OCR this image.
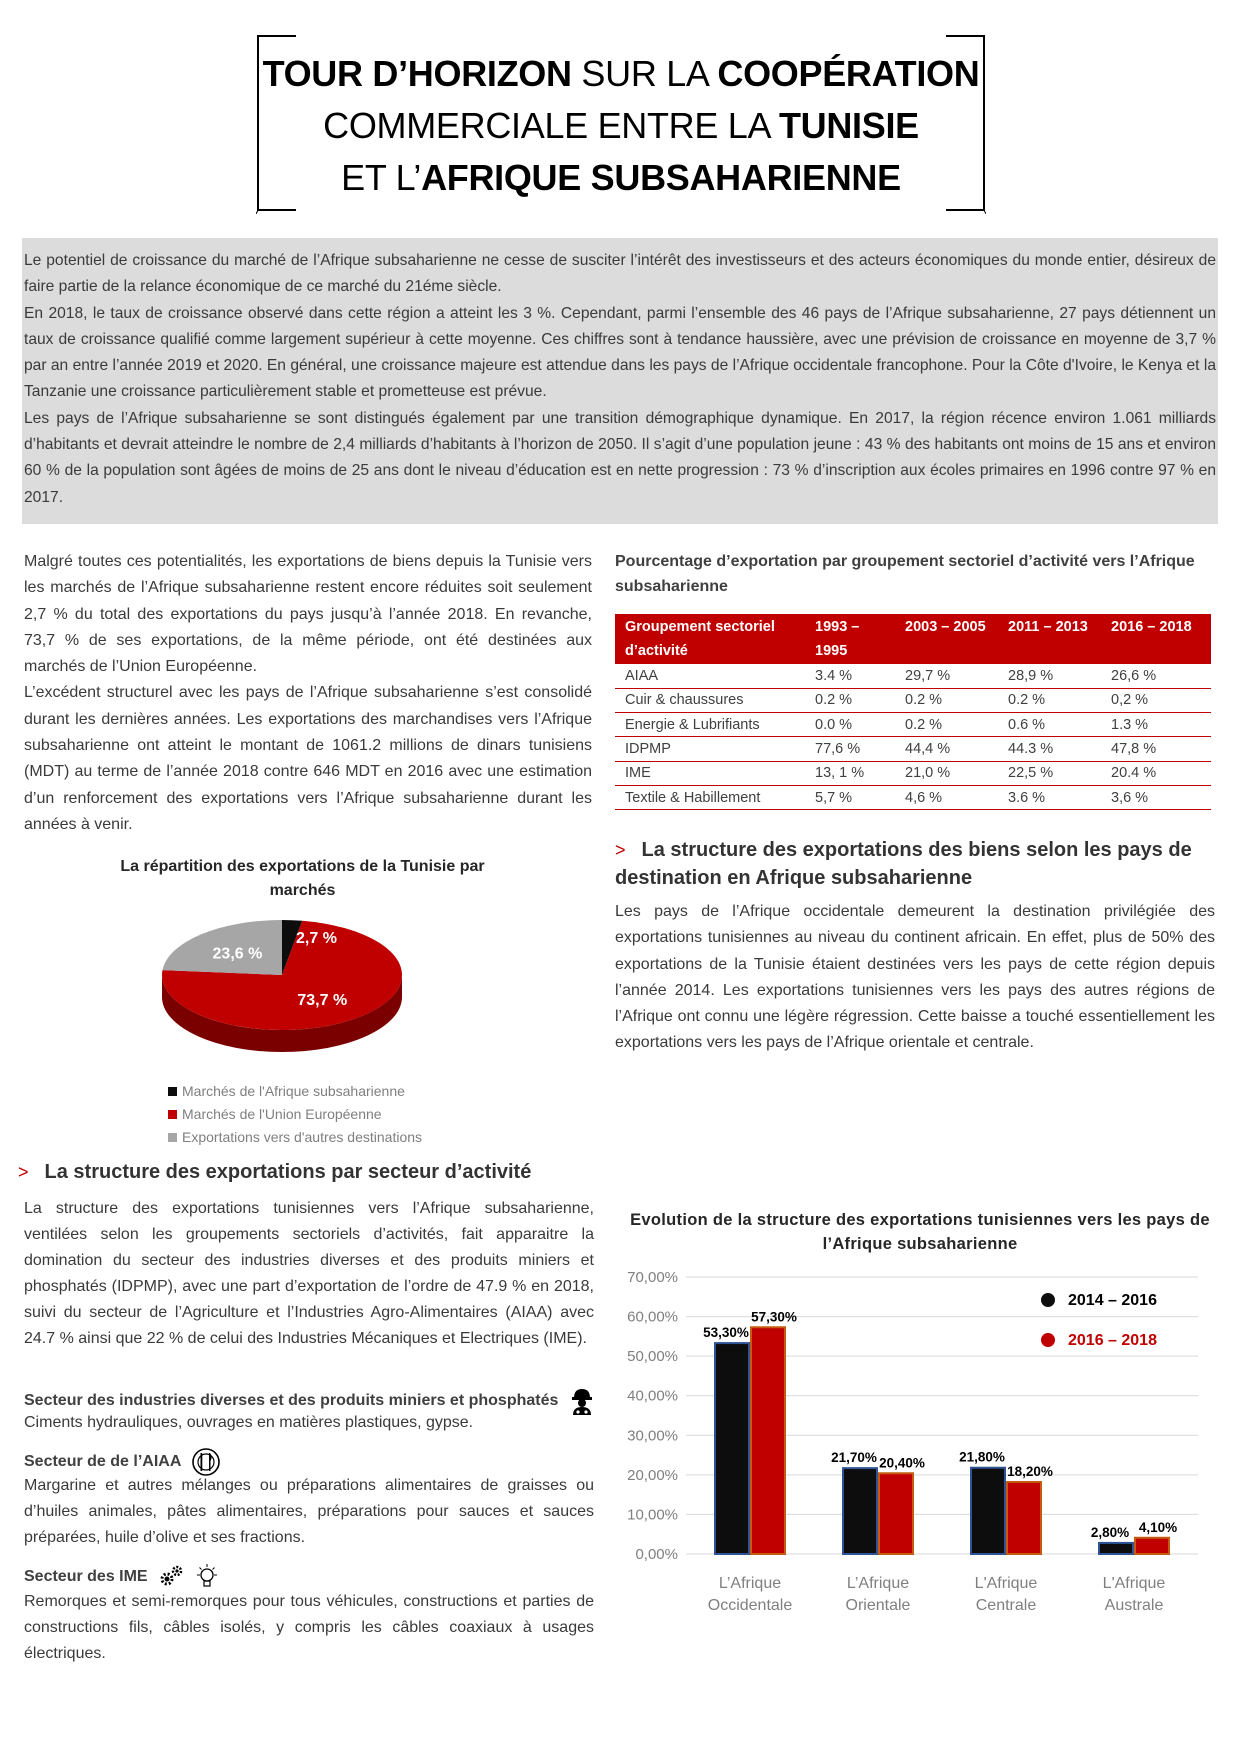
TOUR D’HORIZON SUR LA COOPÉRATION
COMMERCIALE ENTRE LA TUNISIE
ET L’AFRIQUE SUBSAHARIENNE

Le potentiel de croissance du marché de l’Afrique subsaharienne ne cesse de susciter l’intérêt des investisseurs et des acteurs économiques du monde entier, désireux de faire partie de la relance économique de ce marché du 21éme siècle.

En 2018, le taux de croissance observé dans cette région a atteint les 3 %. Cependant, parmi l’ensemble des 46 pays de l’Afrique subsaharienne, 27 pays détiennent un taux de croissance qualifié comme largement supérieur à cette moyenne. Ces chiffres sont à tendance haussière, avec une prévision de croissance en moyenne de 3,7 % par an entre l’année 2019 et 2020. En général, une croissance majeure est attendue dans les pays de l’Afrique occidentale francophone. Pour la Côte d'Ivoire, le Kenya et la Tanzanie une croissance particulièrement stable et prometteuse est prévue.

Les pays de l’Afrique subsaharienne se sont distingués également par une transition démographique dynamique. En 2017, la région récence environ 1.061 milliards d’habitants et devrait atteindre le nombre de 2,4 milliards d’habitants à l’horizon de 2050. Il s’agit d’une population jeune : 43 % des habitants ont moins de 15 ans et environ 60 % de la population sont âgées de moins de 25 ans dont le niveau d’éducation est en nette progression : 73 % d’inscription aux écoles primaires en 1996 contre 97 % en 2017.

Malgré toutes ces potentialités, les exportations de biens depuis la Tunisie vers les marchés de l’Afrique subsaharienne restent encore réduites soit seulement 2,7 % du total des exportations du pays jusqu’à l’année 2018. En revanche, 73,7 % de ses exportations, de la même période, ont été destinées aux marchés de l’Union Européenne.

L’excédent structurel avec les pays de l’Afrique subsaharienne s’est consolidé durant les dernières années. Les exportations des marchandises vers l’Afrique subsaharienne ont atteint le montant de 1061.2 millions de dinars tunisiens (MDT) au terme de l’année 2018 contre 646 MDT en 2016 avec une estimation d’un renforcement des exportations vers l’Afrique subsaharienne durant les années à venir.

Pourcentage d’exportation par groupement sectoriel d’activité vers l’Afrique subsaharienne
Groupement sectoriel d’activité	1993 – 1995	2003 – 2005	2011 – 2013	2016 – 2018
AIAA	3.4 %	29,7 %	28,9 %	26,6 %
Cuir & chaussures	0.2 %	0.2 %	0.2 %	0,2 %
Energie & Lubrifiants	0.0 %	0.2 %	0.6 %	1.3 %
IDPMP	77,6 %	44,4 %	44.3 %	47,8 %
IME	13, 1 %	21,0 %	22,5 %	20.4 %
Textile & Habillement	5,7 %	4,6 %	3.6 %	3,6 %
> La structure des exportations des biens selon les pays de destination en Afrique subsaharienne
Les pays de l’Afrique occidentale demeurent la destination privilégiée des exportations tunisiennes au niveau du continent africain. En effet, plus de 50% des exportations de la Tunisie étaient destinées vers les pays de cette région depuis l’année 2014. Les exportations tunisiennes vers les pays des autres régions de l’Afrique ont connu une légère régression. Cette baisse a touché essentiellement les exportations vers les pays de l’Afrique orientale et centrale.
La répartition des exportations de la Tunisie par marchés
2,7 %
73,7 %
23,6 %
Marchés de l'Afrique subsaharienne
Marchés de l'Union Européenne
Exportations vers d'autres destinations
> La structure des exportations par secteur d’activité
La structure des exportations tunisiennes vers l’Afrique subsaharienne, ventilées selon les groupements sectoriels d’activités, fait apparaitre la domination du secteur des industries diverses et des produits miniers et phosphatés (IDPMP), avec une part d’exportation de l’ordre de 47.9 % en 2018, suivi du secteur de l’Agriculture et l’Industries Agro-Alimentaires (AIAA) avec 24.7 % ainsi que 22 % de celui des Industries Mécaniques et Electriques (IME).
Secteur des industries diverses et des produits miniers et phosphatés
Ciments hydrauliques, ouvrages en matières plastiques, gypse.
Secteur de de l’AIAA
Margarine et autres mélanges ou préparations alimentaires de graisses ou d’huiles animales, pâtes alimentaires, préparations pour sauces et sauces préparées, huile d’olive et ses fractions.
Secteur des IME
Remorques et semi-remorques pour tous véhicules, constructions et parties de constructions fils, câbles isolés, y compris les câbles coaxiaux à usages électriques.
Evolution de la structure des exportations tunisiennes vers les pays de l’Afrique subsaharienne
0,00%
10,00%
20,00%
30,00%
40,00%
50,00%
60,00%
70,00%
53,30%
57,30%
L’Afrique
Occidentale
21,70% 20,40%
L’Afrique
Orientale
21,80%
18,20%
L'Afrique
Centrale
2,80% 4,10%
L'Afrique
Australe
2014 – 2016
2016 – 2018
